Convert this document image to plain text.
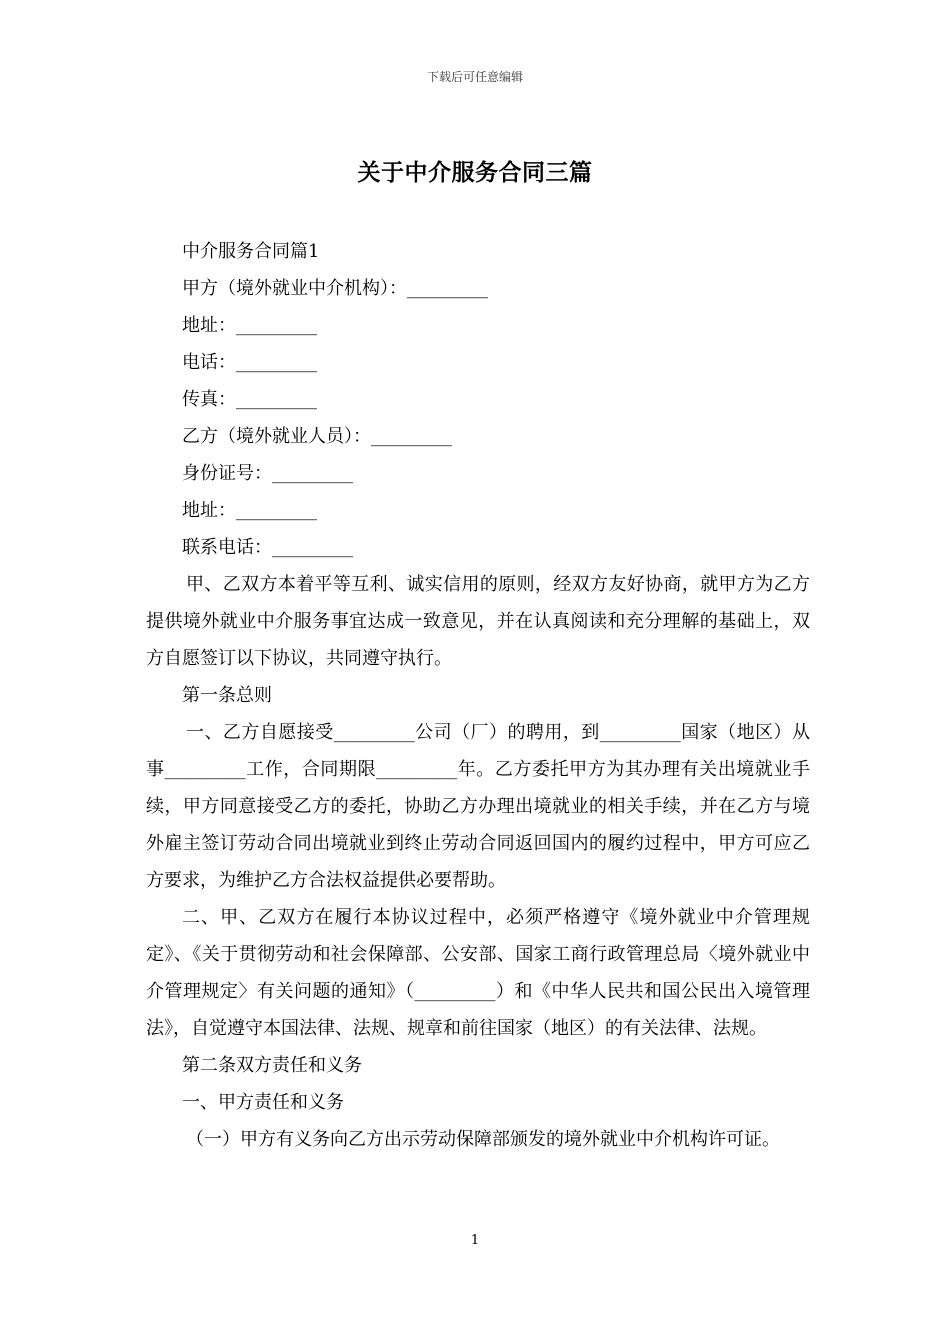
下载后可任意编辑
关于中介服务合同三篇

中介服务合同篇1

甲方（境外就业中介机构）：_________

地址：_________

电话：_________

传真：_________

乙方（境外就业人员）：_________

身份证号：_________

地址：_________

联系电话：_________

甲、乙双方本着平等互利、诚实信用的原则，经双方友好协商，就甲方为乙方提供境外就业中介服务事宜达成一致意见，并在认真阅读和充分理解的基础上，双方自愿签订以下协议，共同遵守执行。

第一条总则

一、乙方自愿接受_________公司（厂）的聘用，到_________国家（地区）从事_________工作，合同期限_________年。乙方委托甲方为其办理有关出境就业手续，甲方同意接受乙方的委托，协助乙方办理出境就业的相关手续，并在乙方与境外雇主签订劳动合同出境就业到终止劳动合同返回国内的履约过程中，甲方可应乙方要求，为维护乙方合法权益提供必要帮助。

二、甲、乙双方在履行本协议过程中，必须严格遵守《境外就业中介管理规定》、《关于贯彻劳动和社会保障部、公安部、国家工商行政管理总局〈境外就业中介管理规定〉有关问题的通知》（_________）和《中华人民共和国公民出入境管理法》，自觉遵守本国法律、法规、规章和前往国家（地区）的有关法律、法规。

第二条双方责任和义务

一、甲方责任和义务

（一）甲方有义务向乙方出示劳动保障部颁发的境外就业中介机构许可证。

1
